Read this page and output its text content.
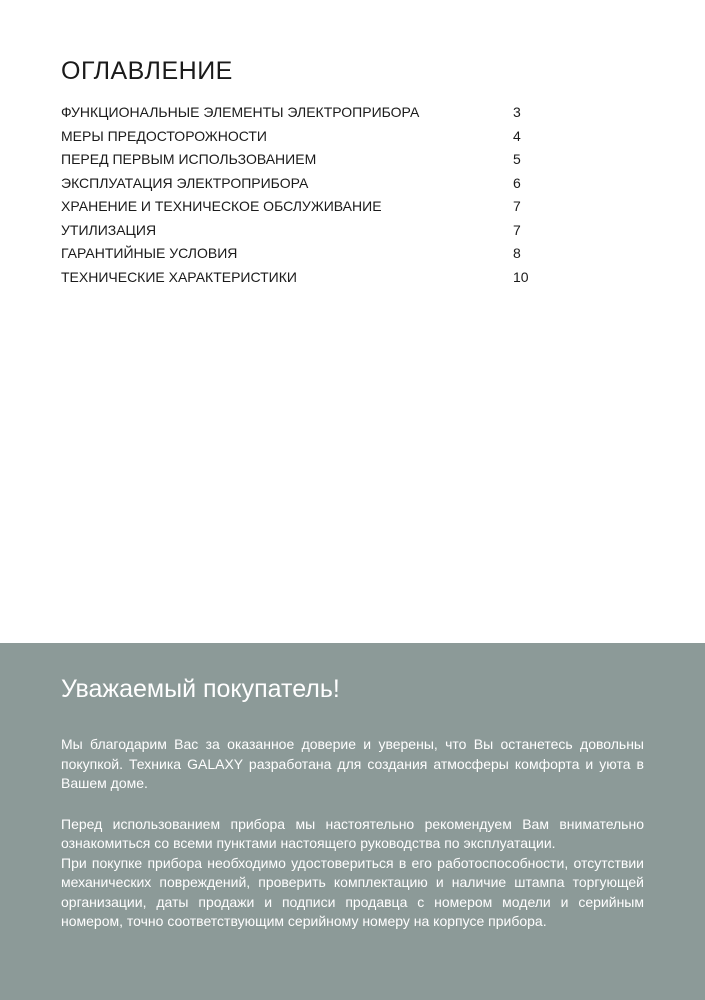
ОГЛАВЛЕНИЕ
ФУНКЦИОНАЛЬНЫЕ ЭЛЕМЕНТЫ ЭЛЕКТРОПРИБОРА	3
МЕРЫ ПРЕДОСТОРОЖНОСТИ	4
ПЕРЕД ПЕРВЫМ ИСПОЛЬЗОВАНИЕМ	5
ЭКСПЛУАТАЦИЯ ЭЛЕКТРОПРИБОРА	6
ХРАНЕНИЕ И ТЕХНИЧЕСКОЕ ОБСЛУЖИВАНИЕ	7
УТИЛИЗАЦИЯ	7
ГАРАНТИЙНЫЕ УСЛОВИЯ	8
ТЕХНИЧЕСКИЕ ХАРАКТЕРИСТИКИ	10
Уважаемый покупатель!

Мы благодарим Вас за оказанное доверие и уверены, что Вы останетесь довольны покупкой. Техника GALAXY разработана для создания атмосферы комфорта и уюта в Вашем доме.

Перед использованием прибора мы настоятельно рекомендуем Вам внимательно ознакомиться со всеми пунктами настоящего руководства по эксплуатации.

При покупке прибора необходимо удостовериться в его работоспособности, отсутствии механических повреждений, проверить комплектацию и наличие штампа торгующей организации, даты продажи и подписи продавца с номером модели и серийным номером, точно соответствующим серийному номеру на корпусе прибора.
